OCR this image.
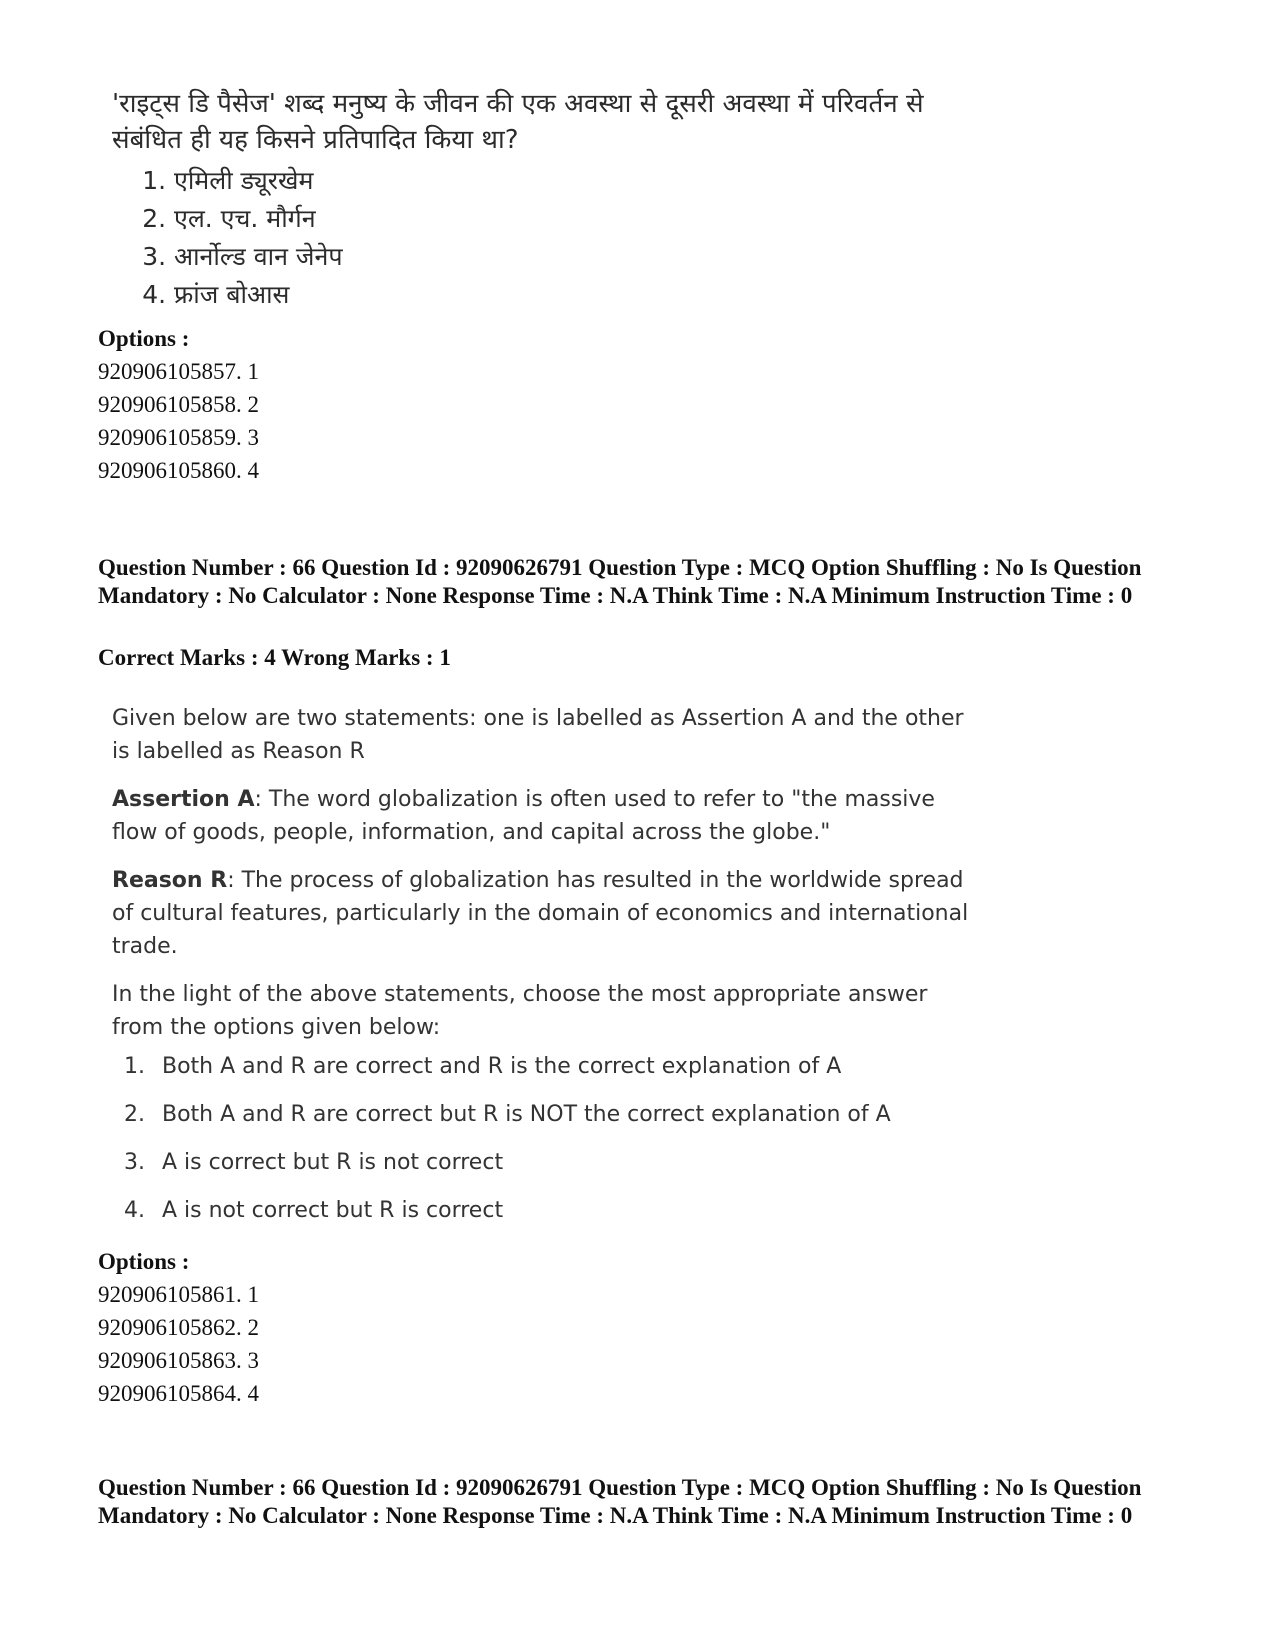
'राइट्स डि पैसेज' शब्द मनुष्य के जीवन की एक अवस्था से दूसरी अवस्था में परिवर्तन से संबंधित ही यह किसने प्रतिपादित किया था?
1. एमिली ड्यूरखेम
2. एल. एच. मौर्गन
3. आर्नोल्ड वान जेनेप
4. फ्रांज बोआस
Options :
920906105857. 1
920906105858. 2
920906105859. 3
920906105860. 4
Question Number : 66 Question Id : 92090626791 Question Type : MCQ Option Shuffling : No Is Question Mandatory : No Calculator : None Response Time : N.A Think Time : N.A Minimum Instruction Time : 0
Correct Marks : 4 Wrong Marks : 1

Given below are two statements: one is labelled as Assertion A and the other is labelled as Reason R

Assertion A: The word globalization is often used to refer to "the massive flow of goods, people, information, and capital across the globe."

Reason R: The process of globalization has resulted in the worldwide spread of cultural features, particularly in the domain of economics and international trade.

In the light of the above statements, choose the most appropriate answer from the options given below:

1. Both A and R are correct and R is the correct explanation of A
2. Both A and R are correct but R is NOT the correct explanation of A
3. A is correct but R is not correct
4. A is not correct but R is correct
Options :
920906105861. 1
920906105862. 2
920906105863. 3
920906105864. 4
Question Number : 66 Question Id : 92090626791 Question Type : MCQ Option Shuffling : No Is Question Mandatory : No Calculator : None Response Time : N.A Think Time : N.A Minimum Instruction Time : 0
